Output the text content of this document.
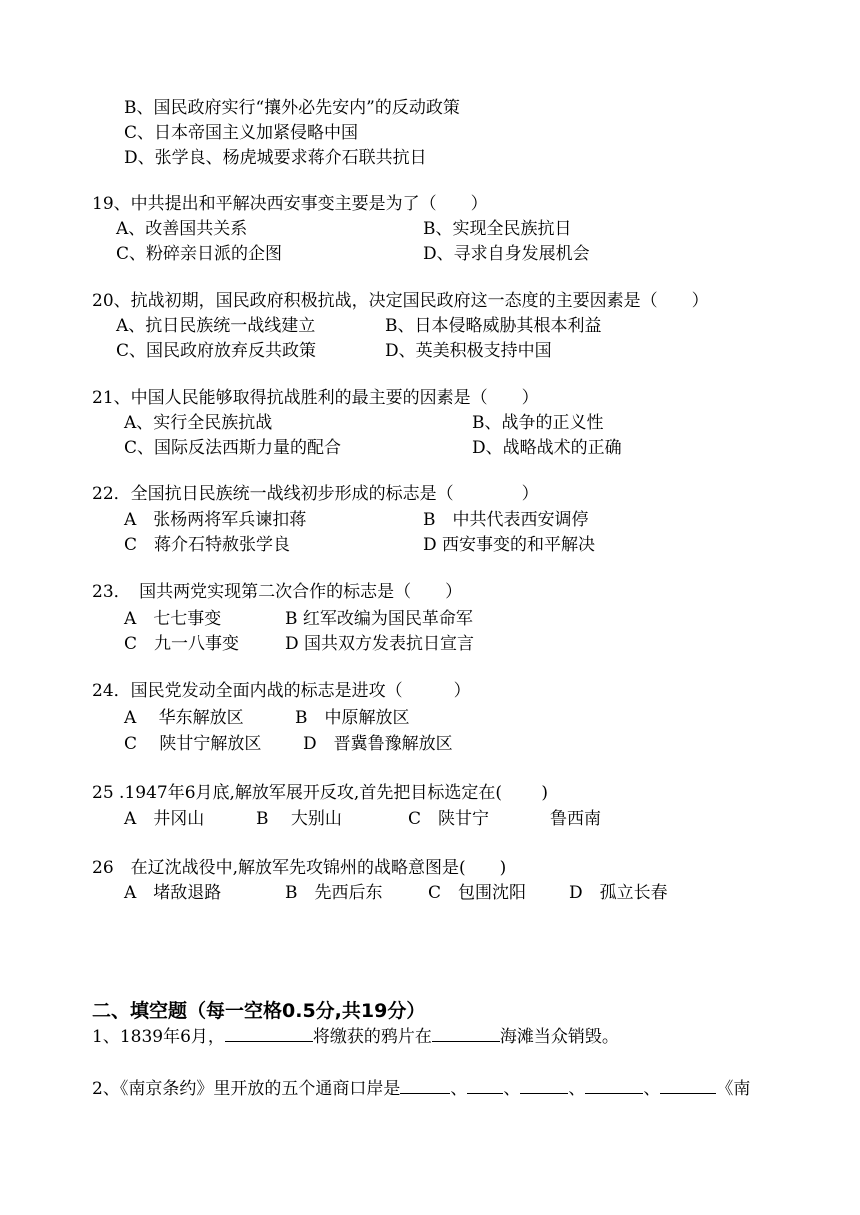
B、国民政府实行“攘外必先安内”的反动政策
C、日本帝国主义加紧侵略中国
D、张学良、杨虎城要求蒋介石联共抗日
19、中共提出和平解决西安事变主要是为了（　　）
A、改善国共关系	B、实现全民族抗日
C、粉碎亲日派的企图	D、寻求自身发展机会
20、抗战初期，国民政府积极抗战，决定国民政府这一态度的主要因素是（　　）
A、抗日民族统一战线建立	B、日本侵略威胁其根本利益
C、国民政府放弃反共政策	D、英美积极支持中国
21、中国人民能够取得抗战胜利的最主要的因素是（　　）
A、实行全民族抗战	B、战争的正义性
C、国际反法西斯力量的配合	D、战略战术的正确
22．全国抗日民族统一战线初步形成的标志是（　　　　）
A　张杨两将军兵谏扣蒋	B　中共代表西安调停
C　蒋介石特赦张学良	D 西安事变的和平解决
23．　国共两党实现第二次合作的标志是（　　）
A　七七事变	B 红军改编为国民革命军
C　九一八事变	D 国共双方发表抗日宣言
24．国民党发动全面内战的标志是进攻（　　　）
A　 华东解放区	B　中原解放区
C　 陕甘宁解放区 D　晋冀鲁豫解放区
25 .1947年6月底,解放军展开反攻,首先把目标选定在(　　 )
A　井冈山	B　 大别山	C　陕甘宁	鲁西南
26　在辽沈战役中,解放军先攻锦州的战略意图是(　　)
A　堵敌退路	B　先西后东	C　包围沈阳	D　孤立长春
二、填空题（每一空格0.5分,共19分）
1、1839年6月，	将缴获的鸦片在	海滩当众销毁。
2、《南京条约》里开放的五个通商口岸是	、 、	、	、	《南
